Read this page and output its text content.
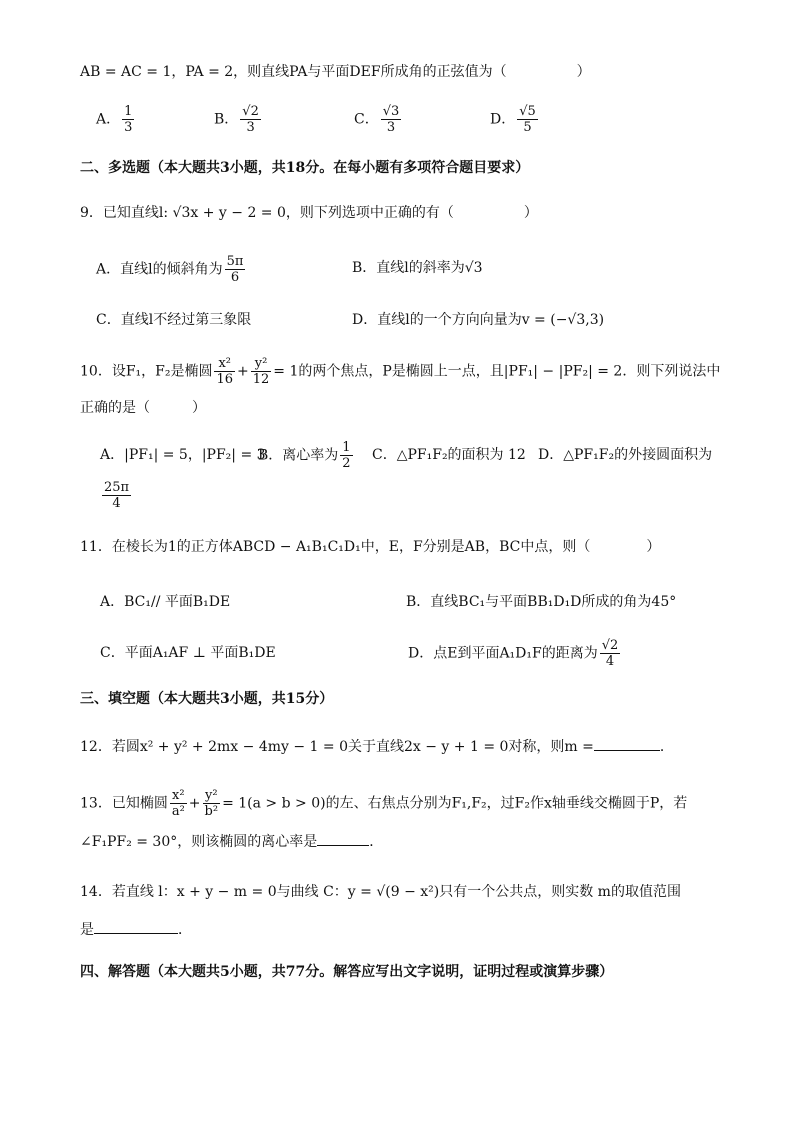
AB = AC = 1，PA = 2，则直线PA与平面DEF所成角的正弦值为（　　　　　）
A． $\frac{1}{3}$	B． $\frac{√2}{3}$	C． $\frac{√3}{3}$	D． $\frac{√5}{5}$
二、多选题（本大题共3小题，共18分。在每小题有多项符合题目要求）
9．已知直线l: √3x + y − 2 = 0，则下列选项中正确的有（　　　　　）
A．直线l的倾斜角为 $\frac{5\pi}{6}$	B．直线l的斜率为√3
C．直线l不经过第三象限	D．直线l的一个方向向量为v = (−√3,3)
10．设F₁，F₂是椭圆 $\frac{\text{x²}}{16} + \frac{\text{y²}}{12} = 1$的两个焦点，P是椭圆上一点，且|PF₁| − |PF₂| = 2．则下列说法中
正确的是（　　　）
A．|PF₁| = 5，|PF₂| = 3
B．离心率为 $\frac{1}{2}$ C．△PF₁F₂的面积为 12 D．△PF₁F₂的外接圆面积为
$\frac{25\pi}{4}$
11．在棱长为1的正方体ABCD − A₁B₁C₁D₁中，E，F分别是AB，BC中点，则（　　　　）
A．BC₁// 平面B₁DE	B．直线BC₁与平面BB₁D₁D所成的角为45°
C．平面A₁AF ⊥ 平面B₁DE	D．点E到平面A₁D₁F的距离为 $\frac{√2}{4}$
三、填空题（本大题共3小题，共15分）
12．若圆x² + y² + 2mx − 4my − 1 = 0关于直线2x − y + 1 = 0对称，则m =	．
13．已知椭圆 $\frac{\text{x²}}{\text{a²}} + \frac{\text{y²}}{\text{b²}} = 1(a > b > 0)$的左、右焦点分别为F₁,F₂，过F₂作x轴垂线交椭圆于P，若
∠F₁PF₂ = 30°，则该椭圆的离心率是	．
14．若直线 l：x + y − m = 0与曲线 C：y = √(9 − x²)只有一个公共点，则实数 m的取值范围
是	．
四、解答题（本大题共5小题，共77分。解答应写出文字说明，证明过程或演算步骤）
